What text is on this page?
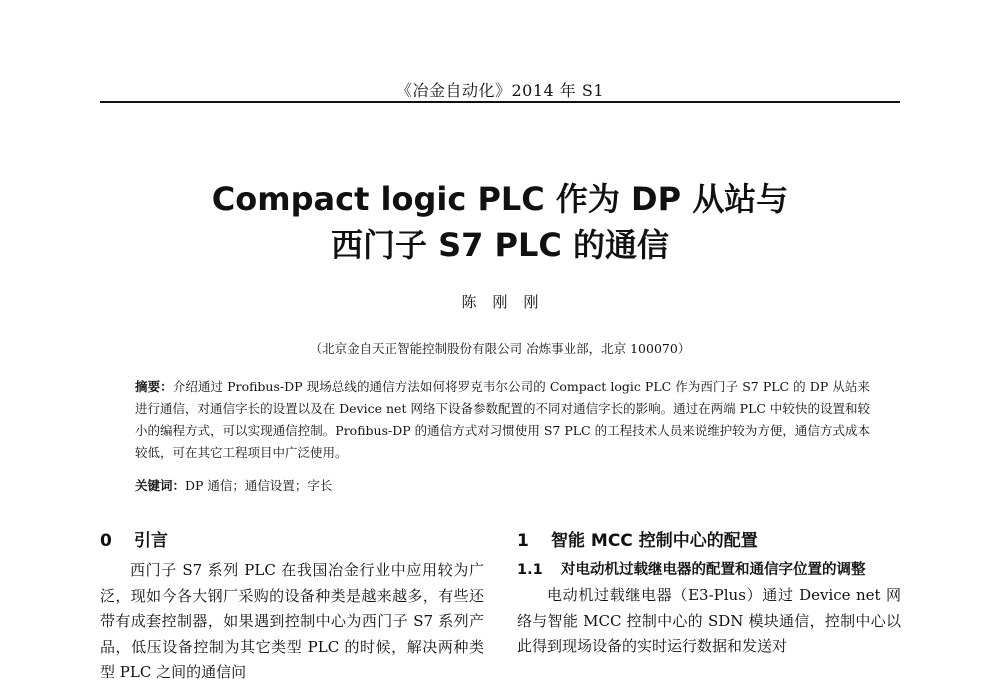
《冶金自动化》2014 年 S1
Compact logic PLC 作为 DP 从站与
西门子 S7 PLC 的通信
陈刚刚
（北京金自天正智能控制股份有限公司 冶炼事业部，北京 100070）
摘要：介绍通过 Profibus-DP 现场总线的通信方法如何将罗克韦尔公司的 Compact logic PLC 作为西门子 S7 PLC 的 DP 从站来进行通信，对通信字长的设置以及在 Device net 网络下设备参数配置的不同对通信字长的影响。通过在两端 PLC 中较快的设置和较小的编程方式，可以实现通信控制。Profibus-DP 的通信方式对习惯使用 S7 PLC 的工程技术人员来说维护较为方便，通信方式成本较低，可在其它工程项目中广泛使用。
关键词：DP 通信；通信设置；字长
0 引言

西门子 S7 系列 PLC 在我国冶金行业中应用较为广泛，现如今各大钢厂采购的设备种类是越来越多，有些还带有成套控制器，如果遇到控制中心为西门子 S7 系列产品，低压设备控制为其它类型 PLC 的时候，解决两种类型 PLC 之间的通信问

1 智能 MCC 控制中心的配置
1.1 对电动机过载继电器的配置和通信字位置的调整

电动机过载继电器（E3-Plus）通过 Device net 网络与智能 MCC 控制中心的 SDN 模块通信，控制中心以此得到现场设备的实时运行数据和发送对
